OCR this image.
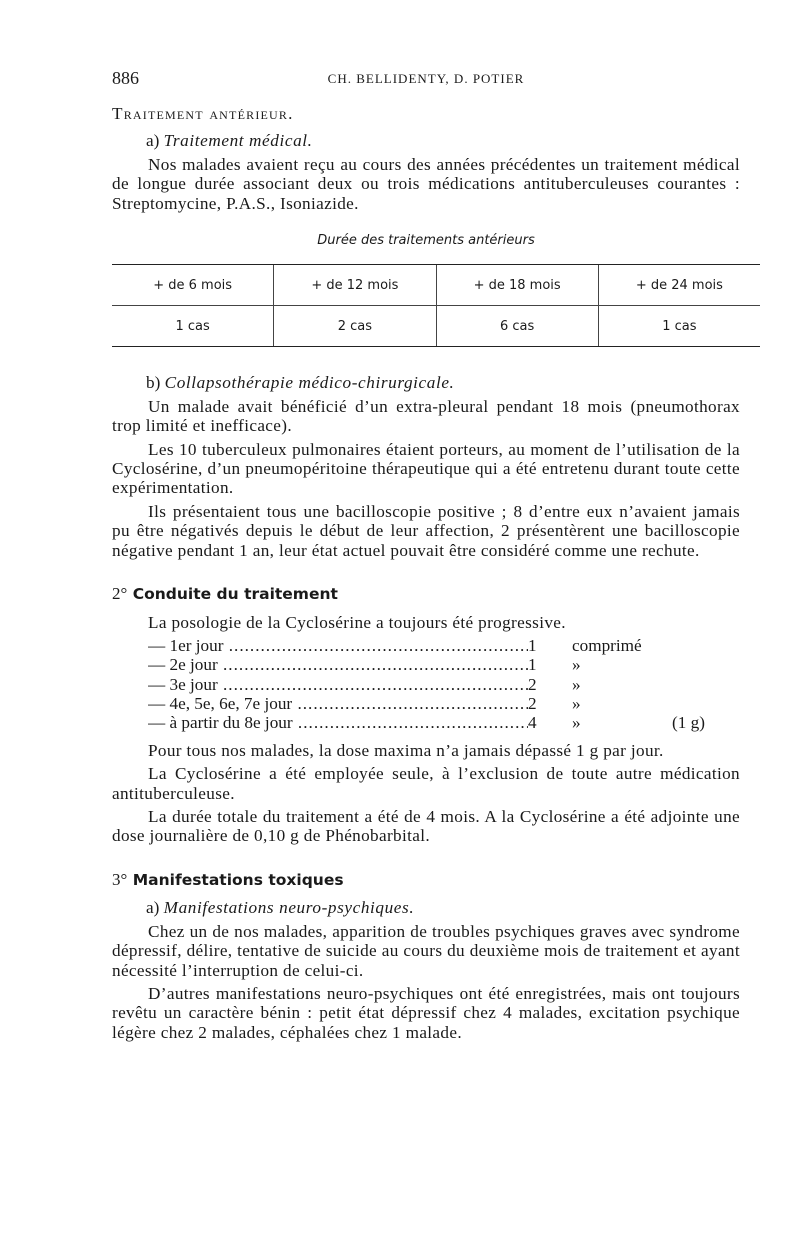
886	CH. BELLIDENTY, D. POTIER
Traitement antérieur.
a) Traitement médical.

Nos malades avaient reçu au cours des années précédentes un traitement médical de longue durée associant deux ou trois médications antituberculeuses courantes : Streptomycine, P.A.S., Isoniazide.

Durée des traitements antérieurs
+ de 6 mois	+ de 12 mois	+ de 18 mois	+ de 24 mois
1 cas	2 cas	6 cas	1 cas
b) Collapsothérapie médico-chirurgicale.

Un malade avait bénéficié d’un extra-pleural pendant 18 mois (pneumothorax trop limité et inefficace).

Les 10 tuberculeux pulmonaires étaient porteurs, au moment de l’utilisation de la Cyclosérine, d’un pneumopéritoine thérapeutique qui a été entretenu durant toute cette expérimentation.

Ils présentaient tous une bacilloscopie positive ; 8 d’entre eux n’avaient jamais pu être négativés depuis le début de leur affection, 2 présentèrent une bacilloscopie négative pendant 1 an, leur état actuel pouvait être considéré comme une rechute.

2° Conduite du traitement

La posologie de la Cyclosérine a toujours été progressive.

— 1er jour .....	1	comprimé
— 2e jour .....	1	»
— 3e jour .....	2	»
— 4e, 5e, 6e, 7e jour .....	2	»
— à partir du 8e jour .....	4	»	(1 g)

Pour tous nos malades, la dose maxima n’a jamais dépassé 1 g par jour.

La Cyclosérine a été employée seule, à l’exclusion de toute autre médication antituberculeuse.

La durée totale du traitement a été de 4 mois. A la Cyclosérine a été adjointe une dose journalière de 0,10 g de Phénobarbital.

3° Manifestations toxiques
a) Manifestations neuro-psychiques.

Chez un de nos malades, apparition de troubles psychiques graves avec syndrome dépressif, délire, tentative de suicide au cours du deuxième mois de traitement et ayant nécessité l’interruption de celui-ci.

D’autres manifestations neuro-psychiques ont été enregistrées, mais ont toujours revêtu un caractère bénin : petit état dépressif chez 4 malades, excitation psychique légère chez 2 malades, céphalées chez 1 malade.
